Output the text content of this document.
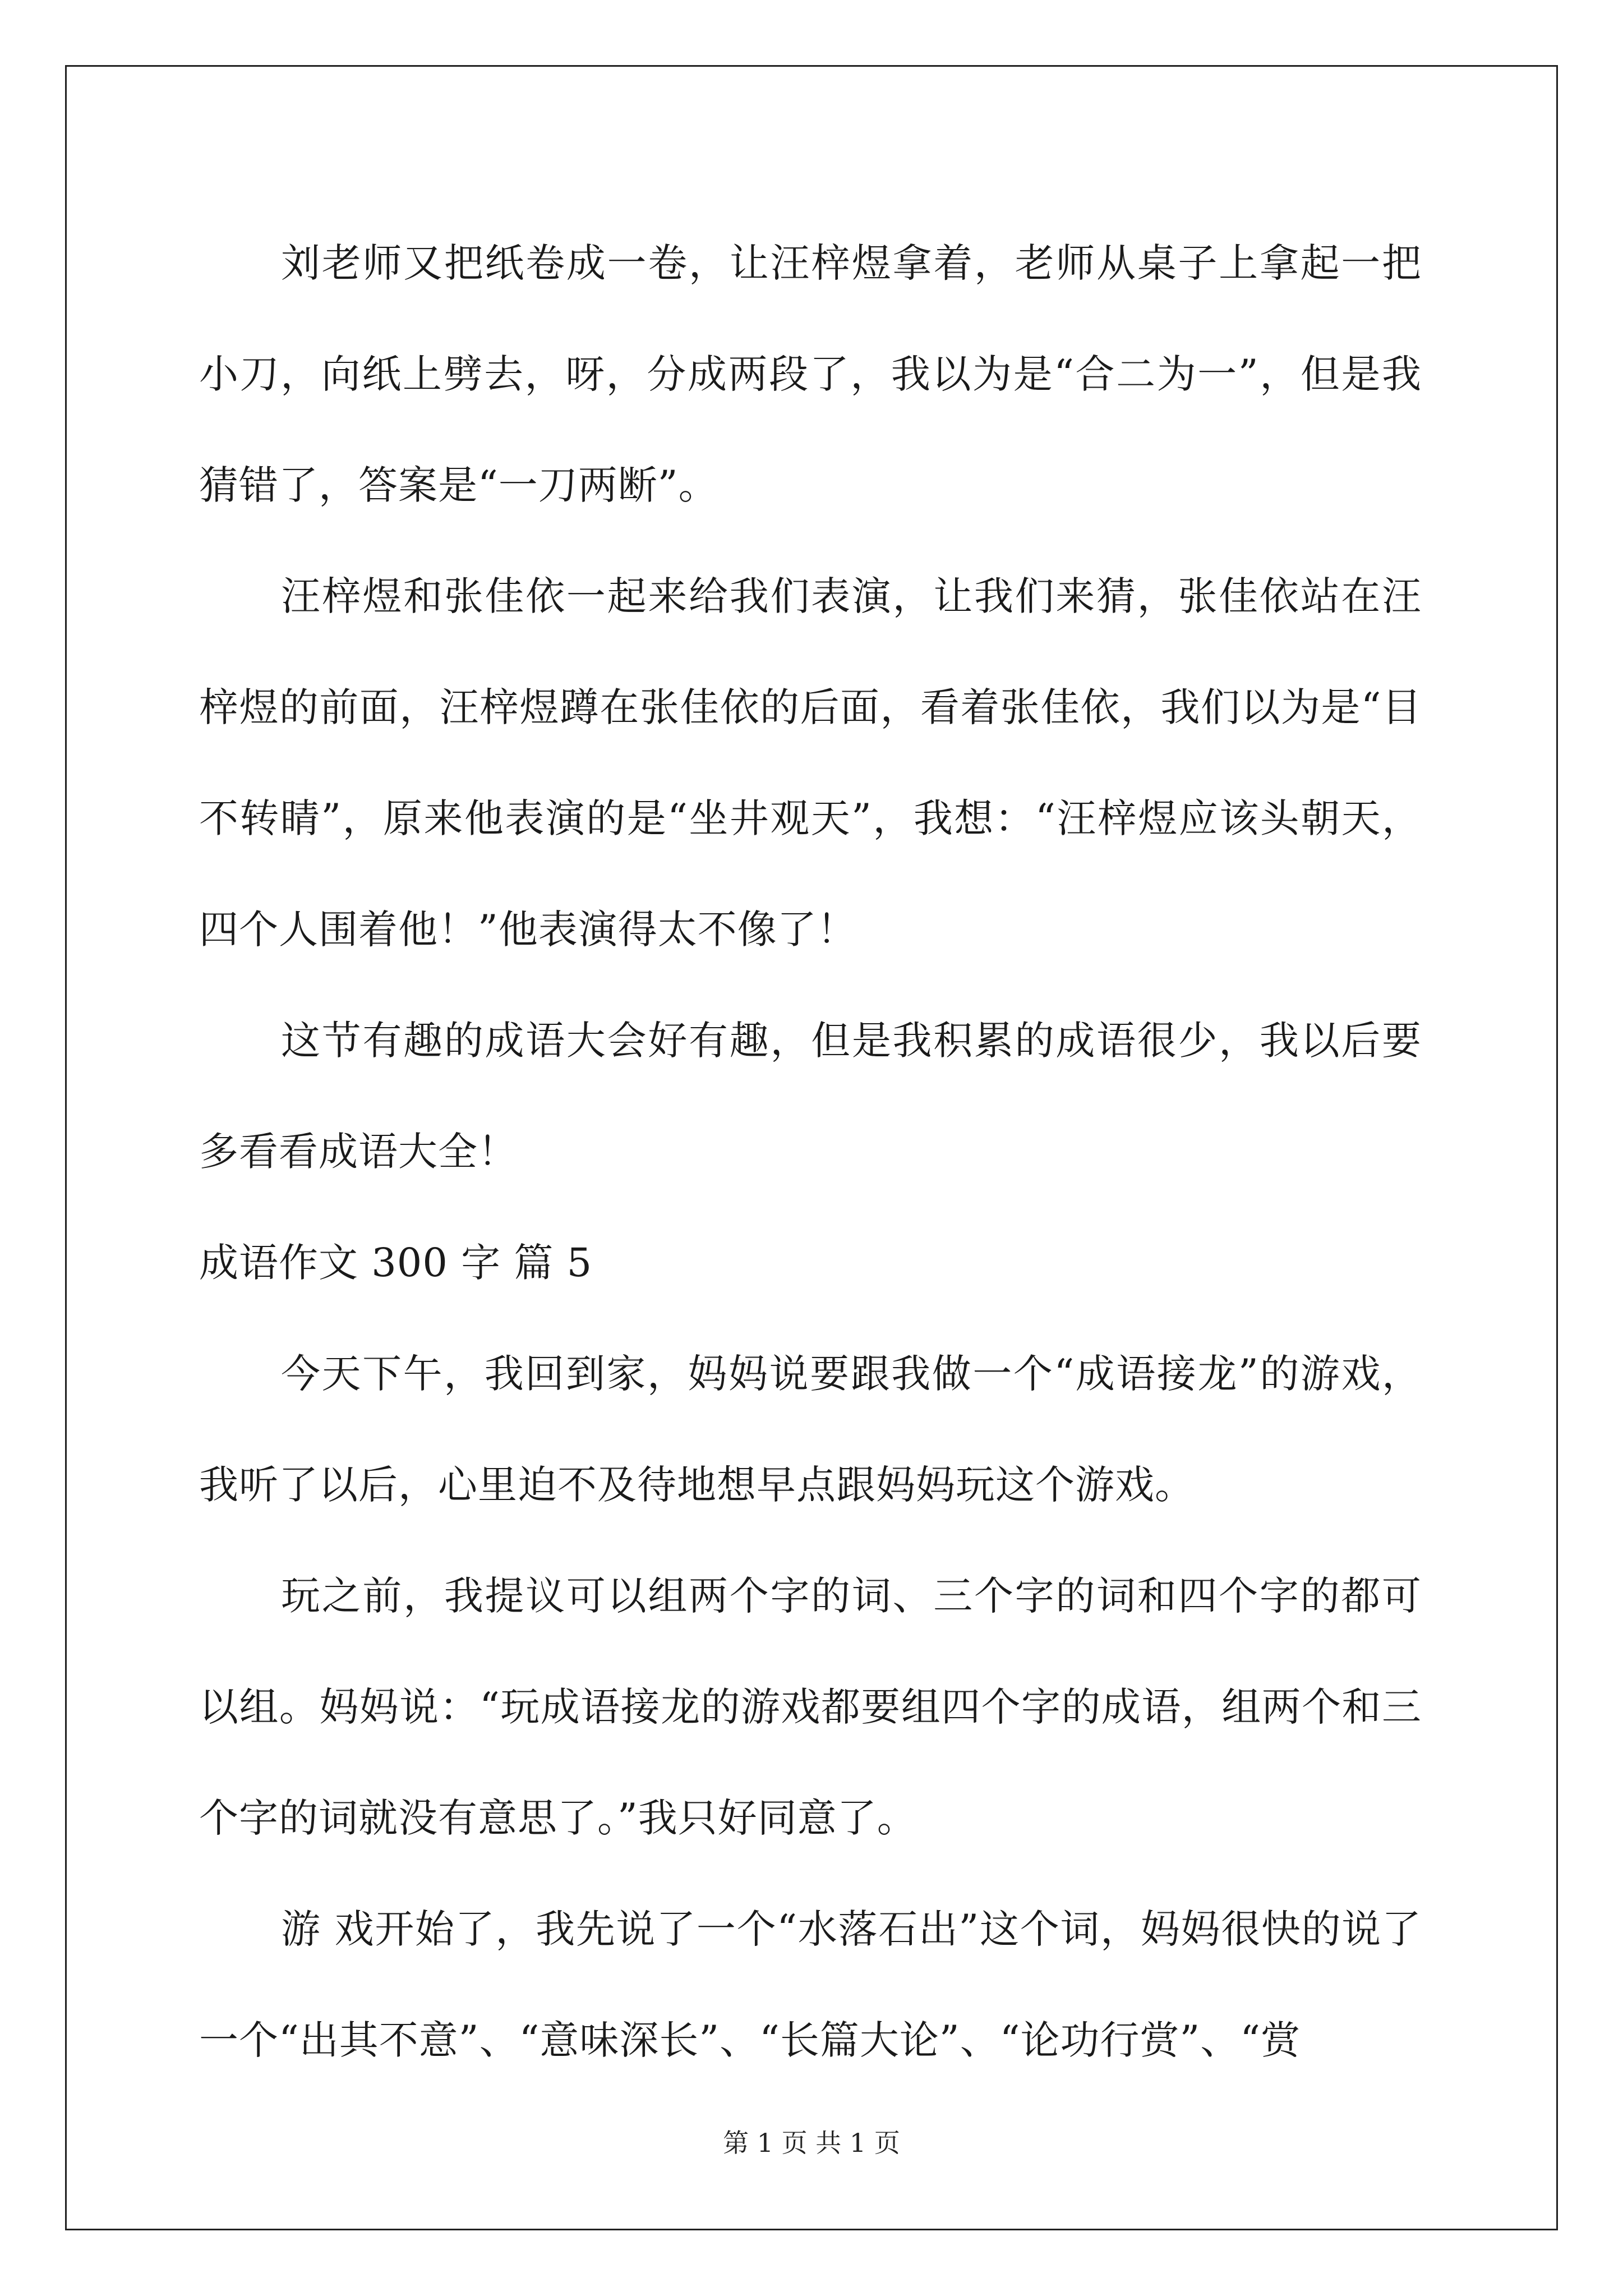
刘老师又把纸卷成一卷，让汪梓煜拿着，老师从桌子上拿起一把小刀，向纸上劈去，呀，分成两段了，我以为是“合二为一”，但是我猜错了，答案是“一刀两断”。

汪梓煜和张佳依一起来给我们表演，让我们来猜，张佳依站在汪梓煜的前面，汪梓煜蹲在张佳依的后面，看着张佳依，我们以为是“目不转睛”，原来他表演的是“坐井观天”，我想：“汪梓煜应该头朝天，四个人围着他！”他表演得太不像了！

这节有趣的成语大会好有趣，但是我积累的成语很少，我以后要多看看成语大全！

成语作文 300 字 篇 5

今天下午，我回到家，妈妈说要跟我做一个“成语接龙”的游戏，我听了以后，心里迫不及待地想早点跟妈妈玩这个游戏。

玩之前，我提议可以组两个字的词、三个字的词和四个字的都可以组。妈妈说：“玩成语接龙的游戏都要组四个字的成语，组两个和三个字的词就没有意思了。”我只好同意了。

游 戏开始了，我先说了一个“水落石出”这个词，妈妈很快的说了一个“出其不意”、“意味深长”、“长篇大论”、“论功行赏”、“赏

第 1 页 共 1 页
